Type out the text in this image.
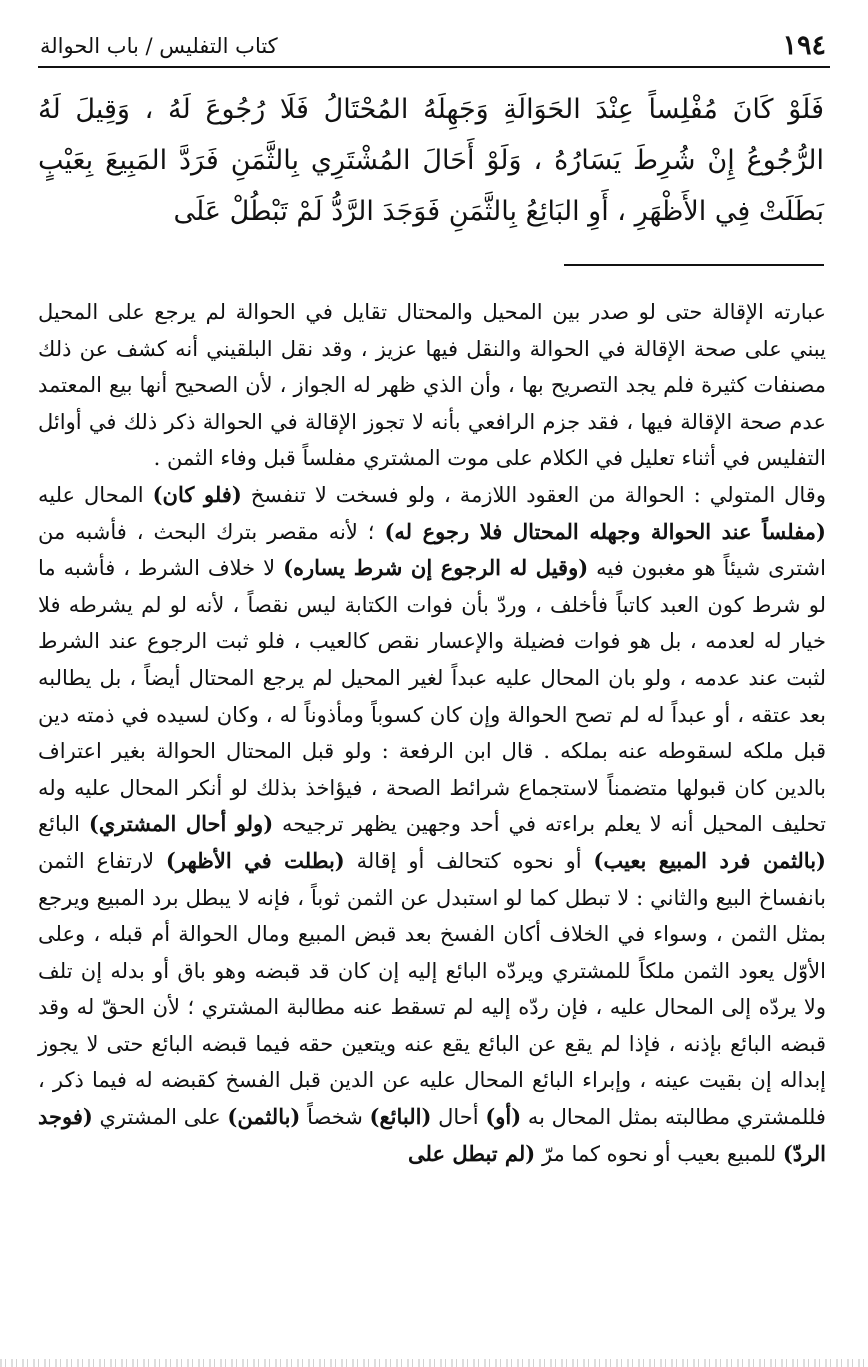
كتاب التفليس / باب الحوالة	١٩٤

فَلَوْ كَانَ مُفْلِساً عِنْدَ الحَوَالَةِ وَجَهِلَهُ المُحْتَالُ فَلَا رُجُوعَ لَهُ ، وَقِيلَ لَهُ الرُّجُوعُ إِنْ شُرِطَ يَسَارُهُ ، وَلَوْ أَحَالَ المُشْتَرِي بِالثَّمَنِ فَرَدَّ المَبِيعَ بِعَيْبٍ بَطَلَتْ فِي الأَظْهَرِ ، أَوِ البَائِعُ بِالثَّمَنِ فَوَجَدَ الرَّدُّ لَمْ تَبْطُلْ عَلَى

عبارته الإقالة حتى لو صدر بين المحيل والمحتال تقايل في الحوالة لم يرجع على المحيل يبني على صحة الإقالة في الحوالة والنقل فيها عزيز ، وقد نقل البلقيني أنه كشف عن ذلك مصنفات كثيرة فلم يجد التصريح بها ، وأن الذي ظهر له الجواز ، لأن الصحيح أنها بيع المعتمد عدم صحة الإقالة فيها ، فقد جزم الرافعي بأنه لا تجوز الإقالة في الحوالة ذكر ذلك في أوائل التفليس في أثناء تعليل في الكلام على موت المشتري مفلساً قبل وفاء الثمن .

وقال المتولي : الحوالة من العقود اللازمة ، ولو فسخت لا تنفسخ (فلو كان) المحال عليه (مفلساً عند الحوالة وجهله المحتال فلا رجوع له) ؛ لأنه مقصر بترك البحث ، فأشبه من اشترى شيئاً هو مغبون فيه (وقيل له الرجوع إن شرط يساره) لا خلاف الشرط ، فأشبه ما لو شرط كون العبد كاتباً فأخلف ، وردّ بأن فوات الكتابة ليس نقصاً ، لأنه لو لم يشرطه فلا خيار له لعدمه ، بل هو فوات فضيلة والإعسار نقص كالعيب ، فلو ثبت الرجوع عند الشرط لثبت عند عدمه ، ولو بان المحال عليه عبداً لغير المحيل لم يرجع المحتال أيضاً ، بل يطالبه بعد عتقه ، أو عبداً له لم تصح الحوالة وإن كان كسوباً ومأذوناً له ، وكان لسيده في ذمته دين قبل ملكه لسقوطه عنه بملكه . قال ابن الرفعة : ولو قبل المحتال الحوالة بغير اعتراف بالدين كان قبولها متضمناً لاستجماع شرائط الصحة ، فيؤاخذ بذلك لو أنكر المحال عليه وله تحليف المحيل أنه لا يعلم براءته في أحد وجهين يظهر ترجيحه (ولو أحال المشتري) البائع (بالثمن فرد المبيع بعيب) أو نحوه كتحالف أو إقالة (بطلت في الأظهر) لارتفاع الثمن بانفساخ البيع والثاني : لا تبطل كما لو استبدل عن الثمن ثوباً ، فإنه لا يبطل برد المبيع ويرجع بمثل الثمن ، وسواء في الخلاف أكان الفسخ بعد قبض المبيع ومال الحوالة أم قبله ، وعلى الأوّل يعود الثمن ملكاً للمشتري ويردّه البائع إليه إن كان قد قبضه وهو باق أو بدله إن تلف ولا يردّه إلى المحال عليه ، فإن ردّه إليه لم تسقط عنه مطالبة المشتري ؛ لأن الحقّ له وقد قبضه البائع بإذنه ، فإذا لم يقع عن البائع يقع عنه ويتعين حقه فيما قبضه البائع حتى لا يجوز إبداله إن بقيت عينه ، وإبراء البائع المحال عليه عن الدين قبل الفسخ كقبضه له فيما ذكر ، فللمشتري مطالبته بمثل المحال به (أو) أحال (البائع) شخصاً (بالثمن) على المشتري (فوجد الردّ) للمبيع بعيب أو نحوه كما مرّ (لم تبطل على
